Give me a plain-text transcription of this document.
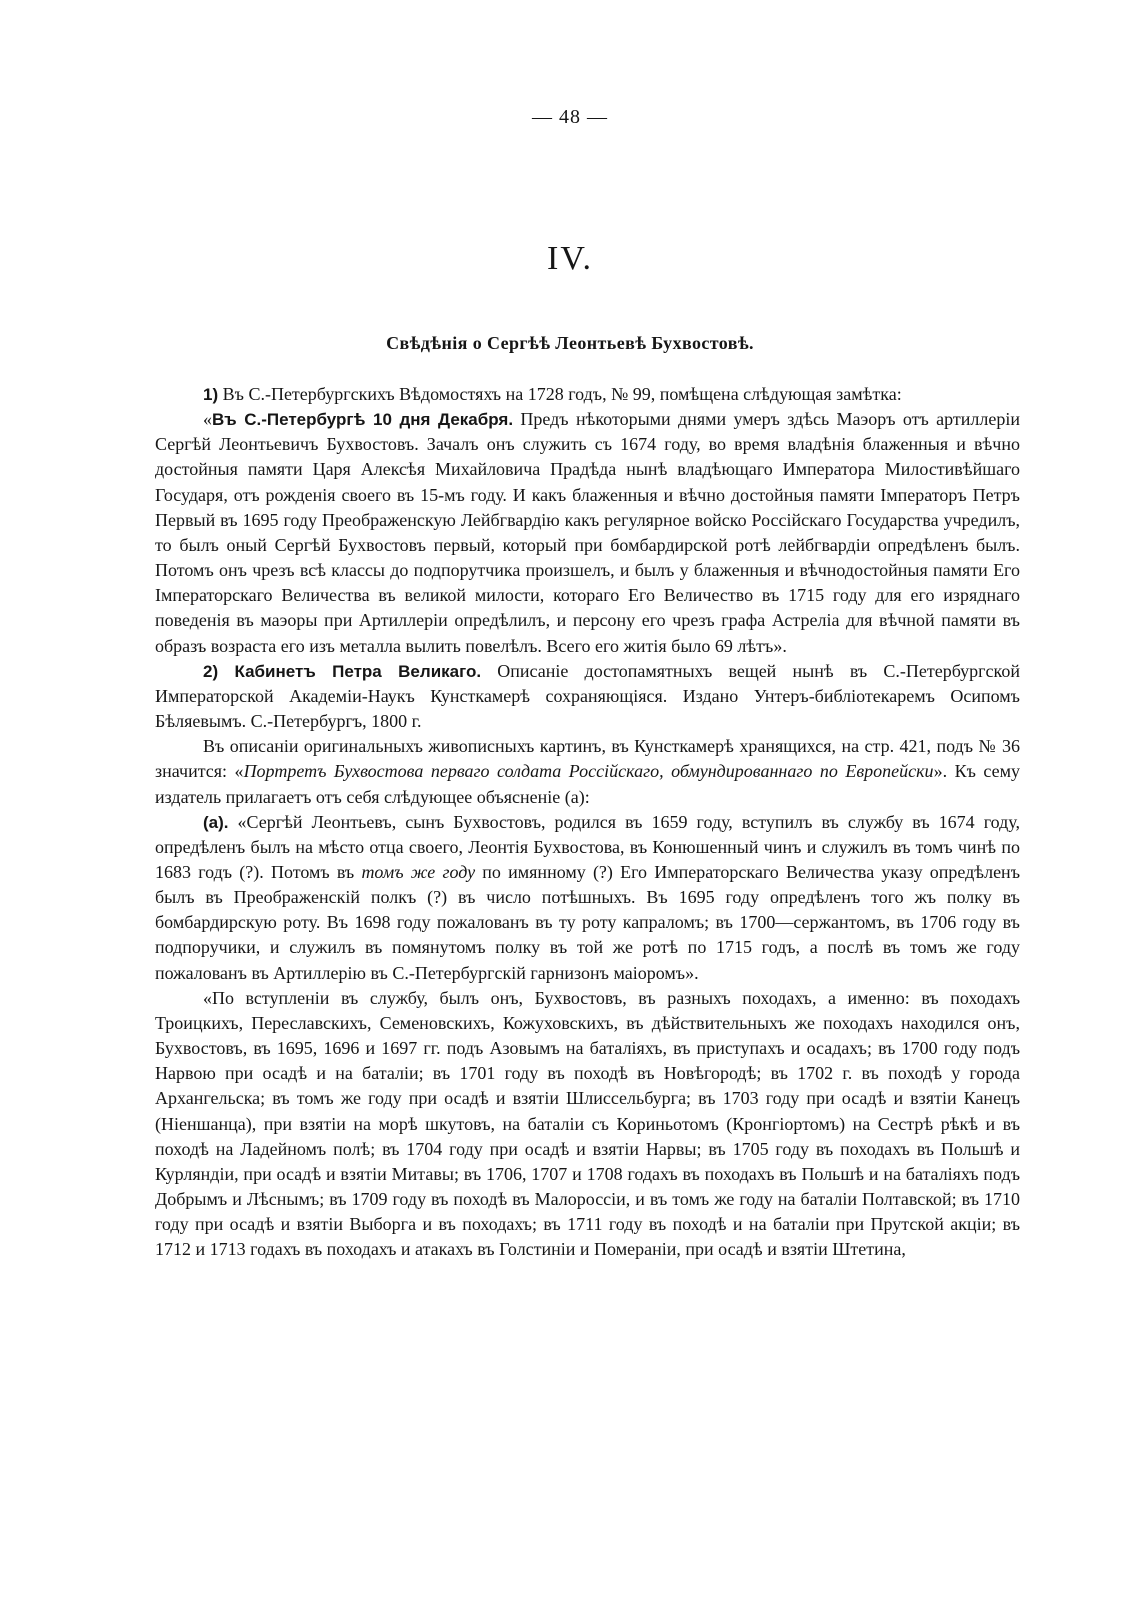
— 48 —
IV.
Свѣдѣнія о Сергѣѣ Леонтьевѣ Бухвостовѣ.

1) Въ С.-Петербургскихъ Вѣдомостяхъ на 1728 годъ, № 99, помѣщена слѣдующая замѣтка:

«Въ С.-Петербургѣ 10 дня Декабря. Предъ нѣкоторыми днями умеръ здѣсь Маэоръ отъ артиллеріи Сергѣй Леонтьевичъ Бухвостовъ. Зачалъ онъ служить съ 1674 году, во время владѣнія блаженныя и вѣчно достойныя памяти Царя Алексѣя Михайловича Прадѣда нынѣ владѣющаго Императора Милостивѣйшаго Государя, отъ рожденія своего въ 15-мъ году. И какъ блаженныя и вѣчно достойныя памяти Імператоръ Петръ Первый въ 1695 году Преображенскую Лейбгвардію какъ регулярное войско Россійскаго Государства учредилъ, то былъ оный Сергѣй Бухвостовъ первый, который при бомбардирской ротѣ лейбгвардіи опредѣленъ былъ. Потомъ онъ чрезъ всѣ классы до подпорутчика произшелъ, и былъ у блаженныя и вѣчнодостойныя памяти Его Імператорскаго Величества въ великой милости, котораго Его Величество въ 1715 году для его изряднаго поведенія въ маэоры при Артиллеріи опредѣлилъ, и персону его чрезъ графа Астреліа для вѣчной памяти въ образъ возраста его изъ металла вылить повелѣлъ. Всего его житія было 69 лѣтъ».

2) Кабинетъ Петра Великаго. Описаніе достопамятныхъ вещей нынѣ въ С.-Петербургской Императорской Академіи-Наукъ Кунсткамерѣ сохраняющіяся. Издано Унтеръ-библіотекаремъ Осипомъ Бѣляевымъ. С.-Петербургъ, 1800 г.

Въ описаніи оригинальныхъ живописныхъ картинъ, въ Кунсткамерѣ хранящихся, на стр. 421, подъ № 36 значится: «Портретъ Бухвостова перваго солдата Россійскаго, обмундированнаго по Европейски». Къ сему издатель прилагаетъ отъ себя слѣдующее объясненіе (а):

(а). «Сергѣй Леонтьевъ, сынъ Бухвостовъ, родился въ 1659 году, вступилъ въ службу въ 1674 году, опредѣленъ былъ на мѣсто отца своего, Леонтія Бухвостова, въ Конюшенный чинъ и служилъ въ томъ чинѣ по 1683 годъ (?). Потомъ въ томъ же году по имянному (?) Его Императорскаго Величества указу опредѣленъ былъ въ Преображенскій полкъ (?) въ число потѣшныхъ. Въ 1695 году опредѣленъ того жъ полку въ бомбардирскую роту. Въ 1698 году пожалованъ въ ту роту капраломъ; въ 1700—сержантомъ, въ 1706 году въ подпоручики, и служилъ въ помянутомъ полку въ той же ротѣ по 1715 годъ, а послѣ въ томъ же году пожалованъ въ Артиллерію въ С.-Петербургскій гарнизонъ маіоромъ».

«По вступленіи въ службу, былъ онъ, Бухвостовъ, въ разныхъ походахъ, а именно: въ походахъ Троицкихъ, Переславскихъ, Семеновскихъ, Кожуховскихъ, въ дѣйствительныхъ же походахъ находился онъ, Бухвостовъ, въ 1695, 1696 и 1697 гг. подъ Азовымъ на баталіяхъ, въ приступахъ и осадахъ; въ 1700 году подъ Нарвою при осадѣ и на баталіи; въ 1701 году въ походѣ въ Новѣгородѣ; въ 1702 г. въ походѣ у города Архангельска; въ томъ же году при осадѣ и взятіи Шлиссельбурга; въ 1703 году при осадѣ и взятіи Канецъ (Ніеншанца), при взятіи на морѣ шкутовъ, на баталіи съ Кориньотомъ (Кронгіортомъ) на Сестрѣ рѣкѣ и въ походѣ на Ладейномъ полѣ; въ 1704 году при осадѣ и взятіи Нарвы; въ 1705 году въ походахъ въ Польшѣ и Курляндіи, при осадѣ и взятіи Митавы; въ 1706, 1707 и 1708 годахъ въ походахъ въ Польшѣ и на баталіяхъ подъ Добрымъ и Лѣснымъ; въ 1709 году въ походѣ въ Малороссіи, и въ томъ же году на баталіи Полтавской; въ 1710 году при осадѣ и взятіи Выборга и въ походахъ; въ 1711 году въ походѣ и на баталіи при Прутской акціи; въ 1712 и 1713 годахъ въ походахъ и атакахъ въ Голстиніи и Померанiи, при осадѣ и взятіи Штетина,
